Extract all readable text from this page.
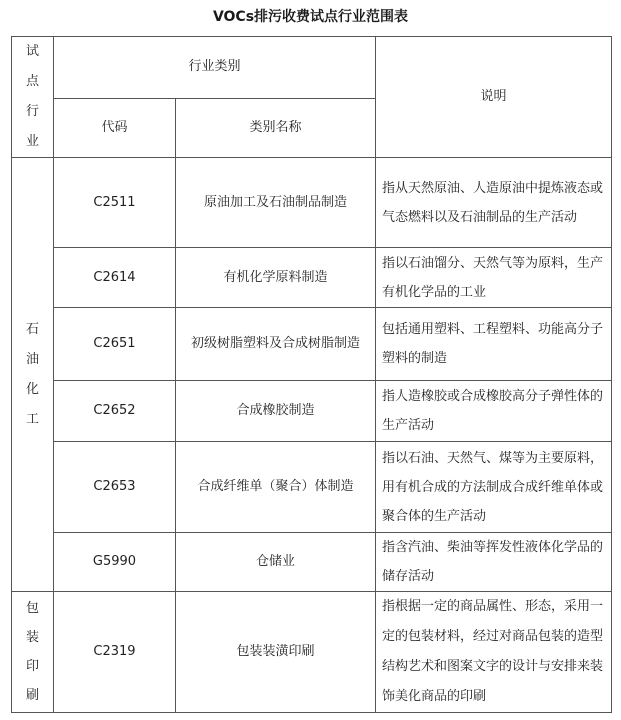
VOCs排污收费试点行业范围表
试点行业	行业类别		说明
	代码	类别名称	
石油化工	C2511	原油加工及石油制品制造	指从天然原油、人造原油中提炼液态或气态燃料以及石油制品的生产活动
	C2614	有机化学原料制造	指以石油馏分、天然气等为原料，生产有机化学品的工业
	C2651	初级树脂塑料及合成树脂制造	包括通用塑料、工程塑料、功能高分子塑料的制造
	C2652	合成橡胶制造	指人造橡胶或合成橡胶高分子弹性体的生产活动
	C2653	合成纤维单（聚合）体制造	指以石油、天然气、煤等为主要原料，用有机合成的方法制成合成纤维单体或聚合体的生产活动
	G5990	仓储业	指含汽油、柴油等挥发性液体化学品的储存活动
包装印刷	C2319	包装装潢印刷	指根据一定的商品属性、形态，采用一定的包装材料，经过对商品包装的造型结构艺术和图案文字的设计与安排来装饰美化商品的印刷
